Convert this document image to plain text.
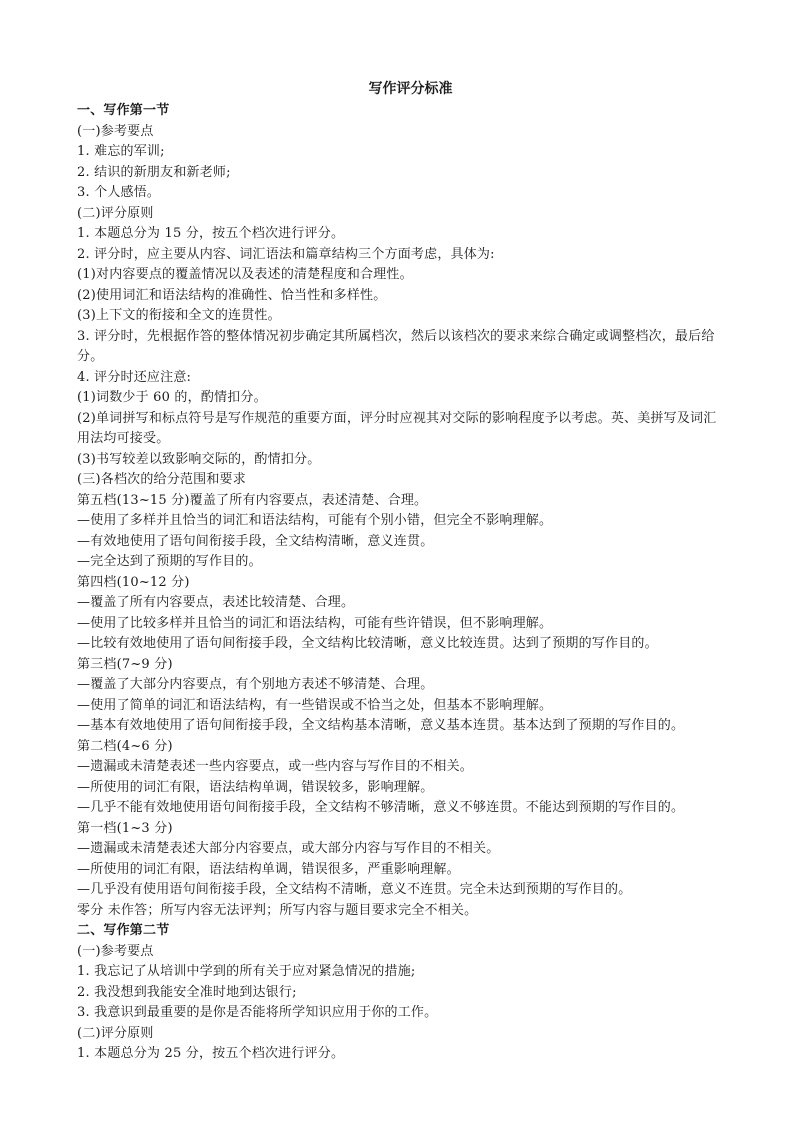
写作评分标准
一、写作第一节
(一)参考要点
1. 难忘的军训;
2. 结识的新朋友和新老师;
3. 个人感悟。
(二)评分原则
1. 本题总分为 15 分，按五个档次进行评分。
2. 评分时，应主要从内容、词汇语法和篇章结构三个方面考虑，具体为:
(1)对内容要点的覆盖情况以及表述的清楚程度和合理性。
(2)使用词汇和语法结构的准确性、恰当性和多样性。
(3)上下文的衔接和全文的连贯性。
3. 评分时，先根据作答的整体情况初步确定其所属档次，然后以该档次的要求来综合确定或调整档次，最后给分。
4. 评分时还应注意:
(1)词数少于 60 的，酌情扣分。
(2)单词拼写和标点符号是写作规范的重要方面，评分时应视其对交际的影响程度予以考虑。英、美拼写及词汇用法均可接受。
(3)书写较差以致影响交际的，酌情扣分。
(三)各档次的给分范围和要求
第五档(13~15 分)覆盖了所有内容要点，表述清楚、合理。
—使用了多样并且恰当的词汇和语法结构，可能有个别小错，但完全不影响理解。
—有效地使用了语句间衔接手段，全文结构清晰，意义连贯。
—完全达到了预期的写作目的。
第四档(10~12 分)
—覆盖了所有内容要点，表述比较清楚、合理。
—使用了比较多样并且恰当的词汇和语法结构，可能有些许错误，但不影响理解。
—比较有效地使用了语句间衔接手段，全文结构比较清晰，意义比较连贯。达到了预期的写作目的。
第三档(7~9 分)
—覆盖了大部分内容要点，有个别地方表述不够清楚、合理。
—使用了简单的词汇和语法结构，有一些错误或不恰当之处，但基本不影响理解。
—基本有效地使用了语句间衔接手段，全文结构基本清晰，意义基本连贯。基本达到了预期的写作目的。
第二档(4~6 分)
—遗漏或未清楚表述一些内容要点，或一些内容与写作目的不相关。
—所使用的词汇有限，语法结构单调，错误较多，影响理解。
—几乎不能有效地使用语句间衔接手段，全文结构不够清晰，意义不够连贯。不能达到预期的写作目的。
第一档(1~3 分)
—遗漏或未清楚表述大部分内容要点，或大部分内容与写作目的不相关。
—所使用的词汇有限，语法结构单调，错误很多，严重影响理解。
—几乎没有使用语句间衔接手段，全文结构不清晰，意义不连贯。完全未达到预期的写作目的。
零分 未作答；所写内容无法评判；所写内容与题目要求完全不相关。
二、写作第二节
(一)参考要点
1. 我忘记了从培训中学到的所有关于应对紧急情况的措施;
2. 我没想到我能安全准时地到达银行;
3. 我意识到最重要的是你是否能将所学知识应用于你的工作。
(二)评分原则
1. 本题总分为 25 分，按五个档次进行评分。
